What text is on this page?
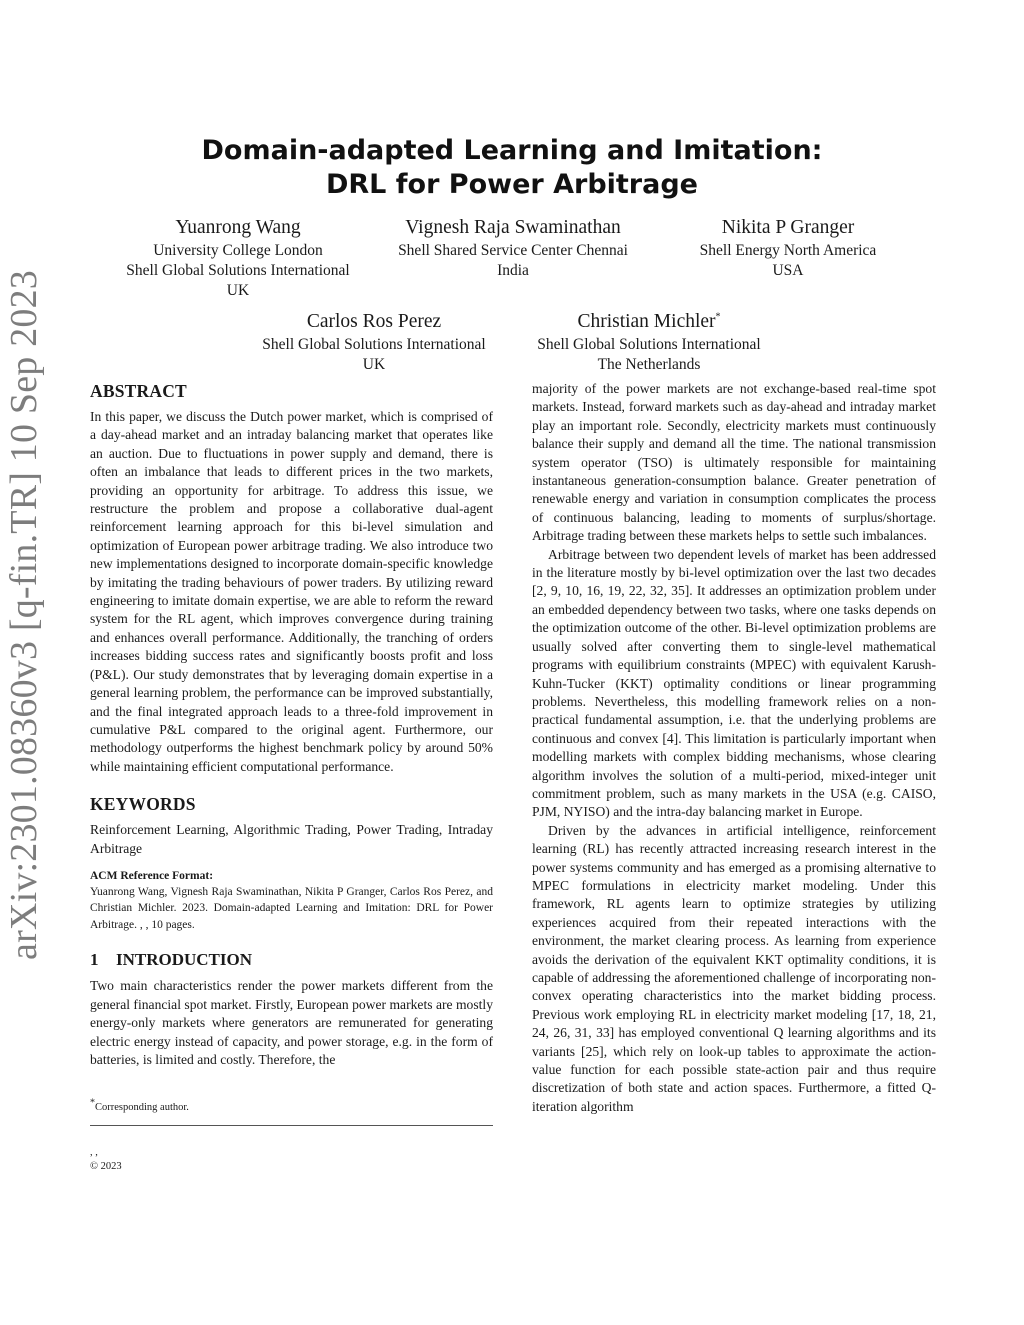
arXiv:2301.08360v3 [q-fin.TR] 10 Sep 2023
Domain-adapted Learning and Imitation:
DRL for Power Arbitrage
Yuanrong Wang
University College London
Shell Global Solutions International
UK
Vignesh Raja Swaminathan
Shell Shared Service Center Chennai
India
Nikita P Granger
Shell Energy North America
USA
Carlos Ros Perez
Shell Global Solutions International
UK
Christian Michler*
Shell Global Solutions International
The Netherlands
ABSTRACT

In this paper, we discuss the Dutch power market, which is comprised of a day-ahead market and an intraday balancing market that operates like an auction. Due to fluctuations in power supply and demand, there is often an imbalance that leads to different prices in the two markets, providing an opportunity for arbitrage. To address this issue, we restructure the problem and propose a collaborative dual-agent reinforcement learning approach for this bi-level simulation and optimization of European power arbitrage trading. We also introduce two new implementations designed to incorporate domain-specific knowledge by imitating the trading behaviours of power traders. By utilizing reward engineering to imitate domain expertise, we are able to reform the reward system for the RL agent, which improves convergence during training and enhances overall performance. Additionally, the tranching of orders increases bidding success rates and significantly boosts profit and loss (P&L). Our study demonstrates that by leveraging domain expertise in a general learning problem, the performance can be improved substantially, and the final integrated approach leads to a three-fold improvement in cumulative P&L compared to the original agent. Furthermore, our methodology outperforms the highest benchmark policy by around 50% while maintaining efficient computational performance.

KEYWORDS

Reinforcement Learning, Algorithmic Trading, Power Trading, Intraday Arbitrage

ACM Reference Format:

Yuanrong Wang, Vignesh Raja Swaminathan, Nikita P Granger, Carlos Ros Perez, and Christian Michler. 2023. Domain-adapted Learning and Imitation: DRL for Power Arbitrage. , , 10 pages.

1 INTRODUCTION

Two main characteristics render the power markets different from the general financial spot market. Firstly, European power markets are mostly energy-only markets where generators are remunerated for generating electric energy instead of capacity, and power storage, e.g. in the form of batteries, is limited and costly. Therefore, the

majority of the power markets are not exchange-based real-time spot markets. Instead, forward markets such as day-ahead and intraday market play an important role. Secondly, electricity markets must continuously balance their supply and demand all the time. The national transmission system operator (TSO) is ultimately responsible for maintaining instantaneous generation-consumption balance. Greater penetration of renewable energy and variation in consumption complicates the process of continuous balancing, leading to moments of surplus/shortage. Arbitrage trading between these markets helps to settle such imbalances.

Arbitrage between two dependent levels of market has been addressed in the literature mostly by bi-level optimization over the last two decades [2, 9, 10, 16, 19, 22, 32, 35]. It addresses an optimization problem under an embedded dependency between two tasks, where one tasks depends on the optimization outcome of the other. Bi-level optimization problems are usually solved after converting them to single-level mathematical programs with equilibrium constraints (MPEC) with equivalent Karush-Kuhn-Tucker (KKT) optimality conditions or linear programming problems. Nevertheless, this modelling framework relies on a non-practical fundamental assumption, i.e. that the underlying problems are continuous and convex [4]. This limitation is particularly important when modelling markets with complex bidding mechanisms, whose clearing algorithm involves the solution of a multi-period, mixed-integer unit commitment problem, such as many markets in the USA (e.g. CAISO, PJM, NYISO) and the intra-day balancing market in Europe.

Driven by the advances in artificial intelligence, reinforcement learning (RL) has recently attracted increasing research interest in the power systems community and has emerged as a promising alternative to MPEC formulations in electricity market modeling. Under this framework, RL agents learn to optimize strategies by utilizing experiences acquired from their repeated interactions with the environment, the market clearing process. As learning from experience avoids the derivation of the equivalent KKT optimality conditions, it is capable of addressing the aforementioned challenge of incorporating non-convex operating characteristics into the market bidding process. Previous work employing RL in electricity market modeling [17, 18, 21, 24, 26, 31, 33] has employed conventional Q learning algorithms and its variants [25], which rely on look-up tables to approximate the action-value function for each possible state-action pair and thus require discretization of both state and action spaces. Furthermore, a fitted Q-iteration algorithm

*Corresponding author.
, ,
© 2023
